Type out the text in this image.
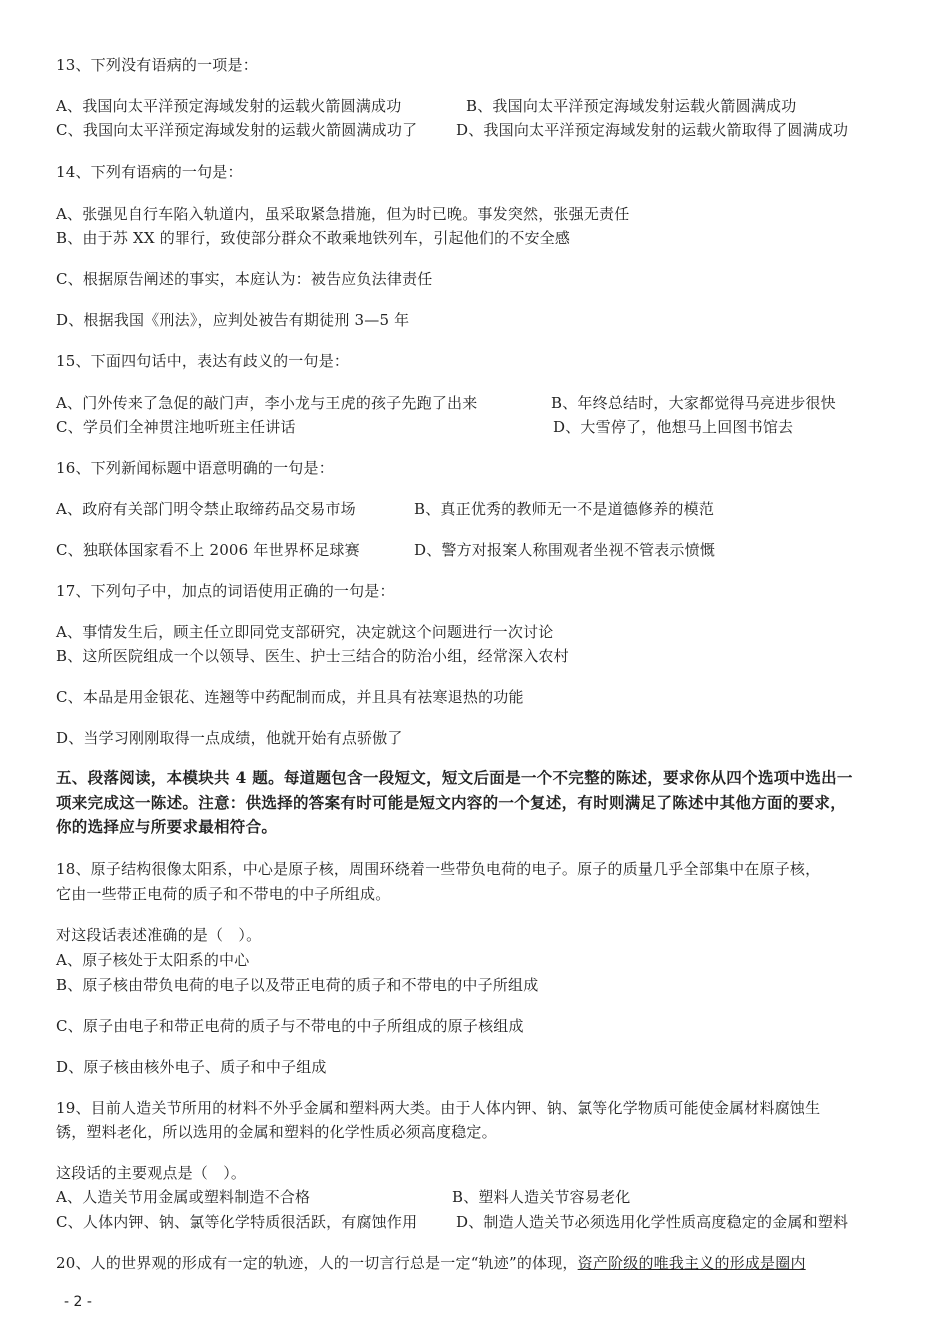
13、下列没有语病的一项是：
A、我国向太平洋预定海域发射的运载火箭圆满成功	B、我国向太平洋预定海域发射运载火箭圆满成功
C、我国向太平洋预定海域发射的运载火箭圆满成功了	D、我国向太平洋预定海域发射的运载火箭取得了圆满成功
14、下列有语病的一句是：
A、张强见自行车陷入轨道内，虽采取紧急措施，但为时已晚。事发突然，张强无责任
B、由于苏 XX 的罪行，致使部分群众不敢乘地铁列车，引起他们的不安全感
C、根据原告阐述的事实，本庭认为：被告应负法律责任
D、根据我国《刑法》，应判处被告有期徒刑 3—5 年
15、下面四句话中，表达有歧义的一句是：
A、门外传来了急促的敲门声，李小龙与王虎的孩子先跑了出来	B、年终总结时，大家都觉得马亮进步很快
C、学员们全神贯注地听班主任讲话	D、大雪停了，他想马上回图书馆去
16、下列新闻标题中语意明确的一句是：
A、政府有关部门明令禁止取缔药品交易市场	B、真正优秀的教师无一不是道德修养的模范
C、独联体国家看不上 2006 年世界杯足球赛	D、警方对报案人称围观者坐视不管表示愤慨
17、下列句子中，加点的词语使用正确的一句是：
A、事情发生后，顾主任立即同党支部研究，决定就这个问题进行一次讨论
B、这所医院组成一个以领导、医生、护士三结合的防治小组，经常深入农村
C、本品是用金银花、连翘等中药配制而成，并且具有祛寒退热的功能
D、当学习刚刚取得一点成绩，他就开始有点骄傲了
五、段落阅读，本模块共 4 题。每道题包含一段短文，短文后面是一个不完整的陈述，要求你从四个选项中选出一
项来完成这一陈述。注意：供选择的答案有时可能是短文内容的一个复述，有时则满足了陈述中其他方面的要求，
你的选择应与所要求最相符合。
18、原子结构很像太阳系，中心是原子核，周围环绕着一些带负电荷的电子。原子的质量几乎全部集中在原子核，
它由一些带正电荷的质子和不带电的中子所组成。
对这段话表述准确的是（　）。
A、原子核处于太阳系的中心
B、原子核由带负电荷的电子以及带正电荷的质子和不带电的中子所组成
C、原子由电子和带正电荷的质子与不带电的中子所组成的原子核组成
D、原子核由核外电子、质子和中子组成
19、目前人造关节所用的材料不外乎金属和塑料两大类。由于人体内钾、钠、氯等化学物质可能使金属材料腐蚀生
锈，塑料老化，所以选用的金属和塑料的化学性质必须高度稳定。
这段话的主要观点是（　）。
A、人造关节用金属或塑料制造不合格	B、塑料人造关节容易老化
C、人体内钾、钠、氯等化学特质很活跃，有腐蚀作用	D、制造人造关节必须选用化学性质高度稳定的金属和塑料
20、人的世界观的形成有一定的轨迹，人的一切言行总是一定“轨迹”的体现，资产阶级的唯我主义的形成是圈内
- 2 -
